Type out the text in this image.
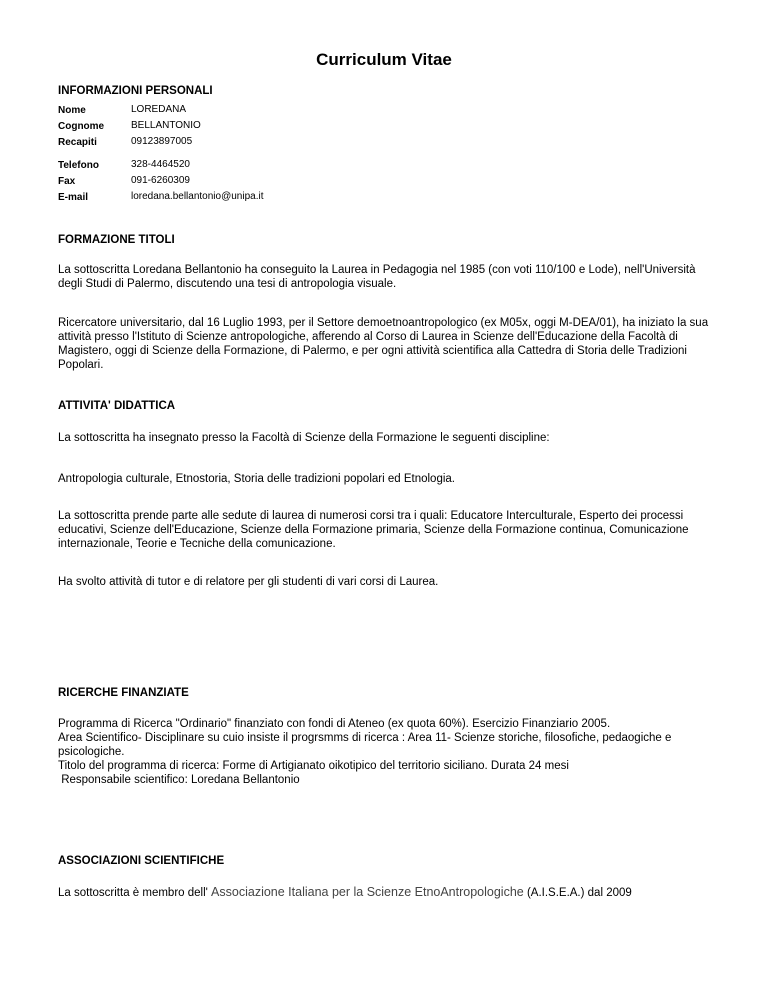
Curriculum Vitae
INFORMAZIONI PERSONALI
Nome	LOREDANA
Cognome	BELLANTONIO
Recapiti	09123897005
Telefono	328-4464520
Fax	091-6260309
E-mail	loredana.bellantonio@unipa.it
FORMAZIONE TITOLI
La sottoscritta Loredana Bellantonio ha conseguito la Laurea in Pedagogia nel 1985 (con voti 110/100 e Lode), nell'Università degli Studi di Palermo, discutendo una tesi di antropologia visuale.
Ricercatore universitario, dal 16 Luglio 1993, per il Settore demoetnoantropologico (ex M05x, oggi M-DEA/01), ha iniziato la sua attività presso l'Istituto di Scienze antropologiche, afferendo al Corso di Laurea in Scienze dell'Educazione della Facoltà di Magistero, oggi di Scienze della Formazione, di Palermo, e per ogni attività scientifica alla Cattedra di Storia delle Tradizioni Popolari.
ATTIVITA' DIDATTICA
La sottoscritta ha insegnato presso la Facoltà di Scienze della Formazione le seguenti discipline:
Antropologia culturale, Etnostoria, Storia delle tradizioni popolari ed Etnologia.
La sottoscritta prende parte alle sedute di laurea di numerosi corsi tra i quali: Educatore Interculturale, Esperto dei processi educativi, Scienze dell'Educazione, Scienze della Formazione primaria, Scienze della Formazione continua, Comunicazione internazionale, Teorie e Tecniche della comunicazione.
Ha svolto attività di tutor e di relatore per gli studenti di vari corsi di Laurea.
RICERCHE FINANZIATE
Programma di Ricerca "Ordinario" finanziato con fondi di Ateneo (ex quota 60%). Esercizio Finanziario 2005.
Area Scientifico- Disciplinare su cuio insiste il progrsmms di ricerca : Area 11- Scienze storiche, filosofiche, pedaogiche e psicologiche.
Titolo del programma di ricerca: Forme di Artigianato oikotipico del territorio siciliano. Durata 24 mesi
Responsabile scientifico: Loredana Bellantonio
ASSOCIAZIONI SCIENTIFICHE
La sottoscritta è membro dell' Associazione Italiana per la Scienze EtnoAntropologiche (A.I.S.E.A.) dal 2009
